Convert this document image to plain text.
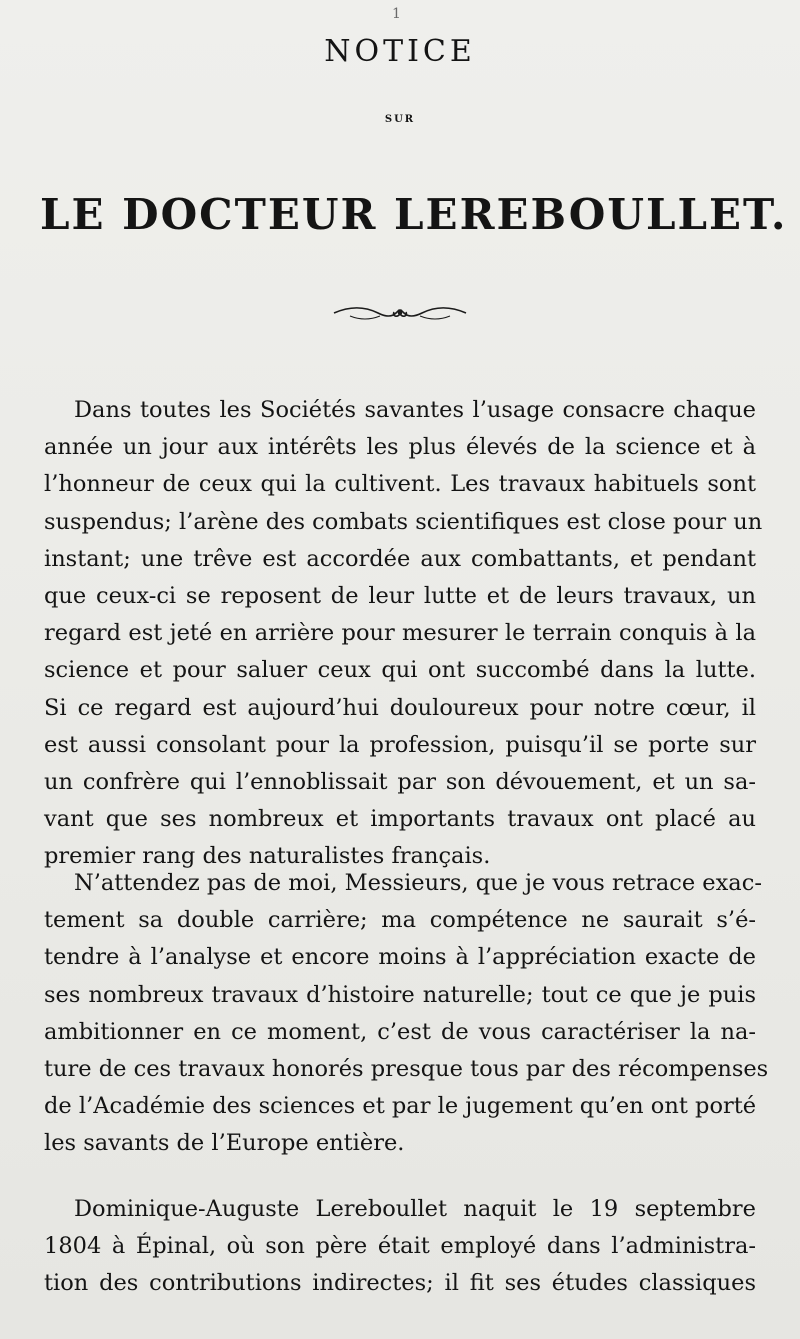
1
NOTICE
SUR
LE DOCTEUR LEREBOULLET.
Dans toutes les Sociétés savantes l’usage consacre chaque
année un jour aux intérêts les plus élevés de la science et à
l’honneur de ceux qui la cultivent. Les travaux habituels sont
suspendus; l’arène des combats scientifiques est close pour un
instant; une trêve est accordée aux combattants, et pendant
que ceux-ci se reposent de leur lutte et de leurs travaux, un
regard est jeté en arrière pour mesurer le terrain conquis à la
science et pour saluer ceux qui ont succombé dans la lutte.
Si ce regard est aujourd’hui douloureux pour notre cœur, il
est aussi consolant pour la profession, puisqu’il se porte sur
un confrère qui l’ennoblissait par son dévouement, et un sa-
vant que ses nombreux et importants travaux ont placé au
premier rang des naturalistes français.
N’attendez pas de moi, Messieurs, que je vous retrace exac-
tement sa double carrière; ma compétence ne saurait s’é-
tendre à l’analyse et encore moins à l’appréciation exacte de
ses nombreux travaux d’histoire naturelle; tout ce que je puis
ambitionner en ce moment, c’est de vous caractériser la na-
ture de ces travaux honorés presque tous par des récompenses
de l’Académie des sciences et par le jugement qu’en ont porté
les savants de l’Europe entière.
Dominique-Auguste Lereboullet naquit le 19 septembre
1804 à Épinal, où son père était employé dans l’administra-
tion des contributions indirectes; il fit ses études classiques
